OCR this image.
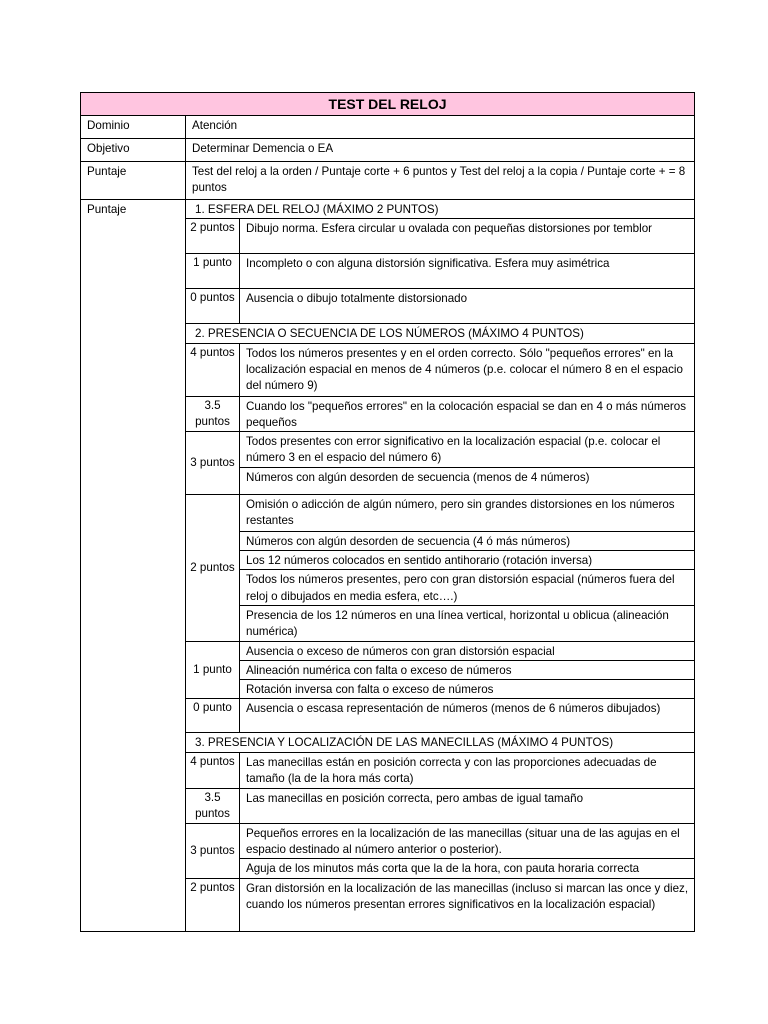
TEST DEL RELOJ		
Dominio	Atención	
Objetivo	Determinar Demencia o EA	
Puntaje	Test del reloj a la orden / Puntaje corte + 6 puntos y Test del reloj a la copia / Puntaje corte + = 8 puntos	
Puntaje	1. ESFERA DEL RELOJ (MÁXIMO 2 PUNTOS)	
	2 puntos	Dibujo norma. Esfera circular u ovalada con pequeñas distorsiones por temblor
	1 punto	Incompleto o con alguna distorsión significativa. Esfera muy asimétrica
	0 puntos	Ausencia o dibujo totalmente distorsionado
	2. PRESENCIA O SECUENCIA DE LOS NÚMEROS (MÁXIMO 4 PUNTOS)	
	4 puntos	Todos los números presentes y en el orden correcto. Sólo "pequeños errores" en la localización espacial en menos de 4 números (p.e. colocar el número 8 en el espacio del número 9)
	3.5 puntos	Cuando los "pequeños errores" en la colocación espacial se dan en 4 o más números pequeños
	3 puntos	Todos presentes con error significativo en la localización espacial (p.e. colocar el número 3 en el espacio del número 6)
		Números con algún desorden de secuencia (menos de 4 números)
	2 puntos	Omisión o adicción de algún número, pero sin grandes distorsiones en los números restantes
		Números con algún desorden de secuencia (4 ó más números)
		Los 12 números colocados en sentido antihorario (rotación inversa)
		Todos los números presentes, pero con gran distorsión espacial (números fuera del reloj o dibujados en media esfera, etc….)
		Presencia de los 12 números en una línea vertical, horizontal u oblicua (alineación numérica)
	1 punto	Ausencia o exceso de números con gran distorsión espacial
		Alineación numérica con falta o exceso de números
		Rotación inversa con falta o exceso de números
	0 punto	Ausencia o escasa representación de números (menos de 6 números dibujados)
	3. PRESENCIA Y LOCALIZACIÓN DE LAS MANECILLAS (MÁXIMO 4 PUNTOS)	
	4 puntos	Las manecillas están en posición correcta y con las proporciones adecuadas de tamaño (la de la hora más corta)
	3.5 puntos	Las manecillas en posición correcta, pero ambas de igual tamaño
	3 puntos	Pequeños errores en la localización de las manecillas (situar una de las agujas en el espacio destinado al número anterior o posterior).
		Aguja de los minutos más corta que la de la hora, con pauta horaria correcta
	2 puntos	Gran distorsión en la localización de las manecillas (incluso si marcan las once y diez, cuando los números presentan errores significativos en la localización espacial)
